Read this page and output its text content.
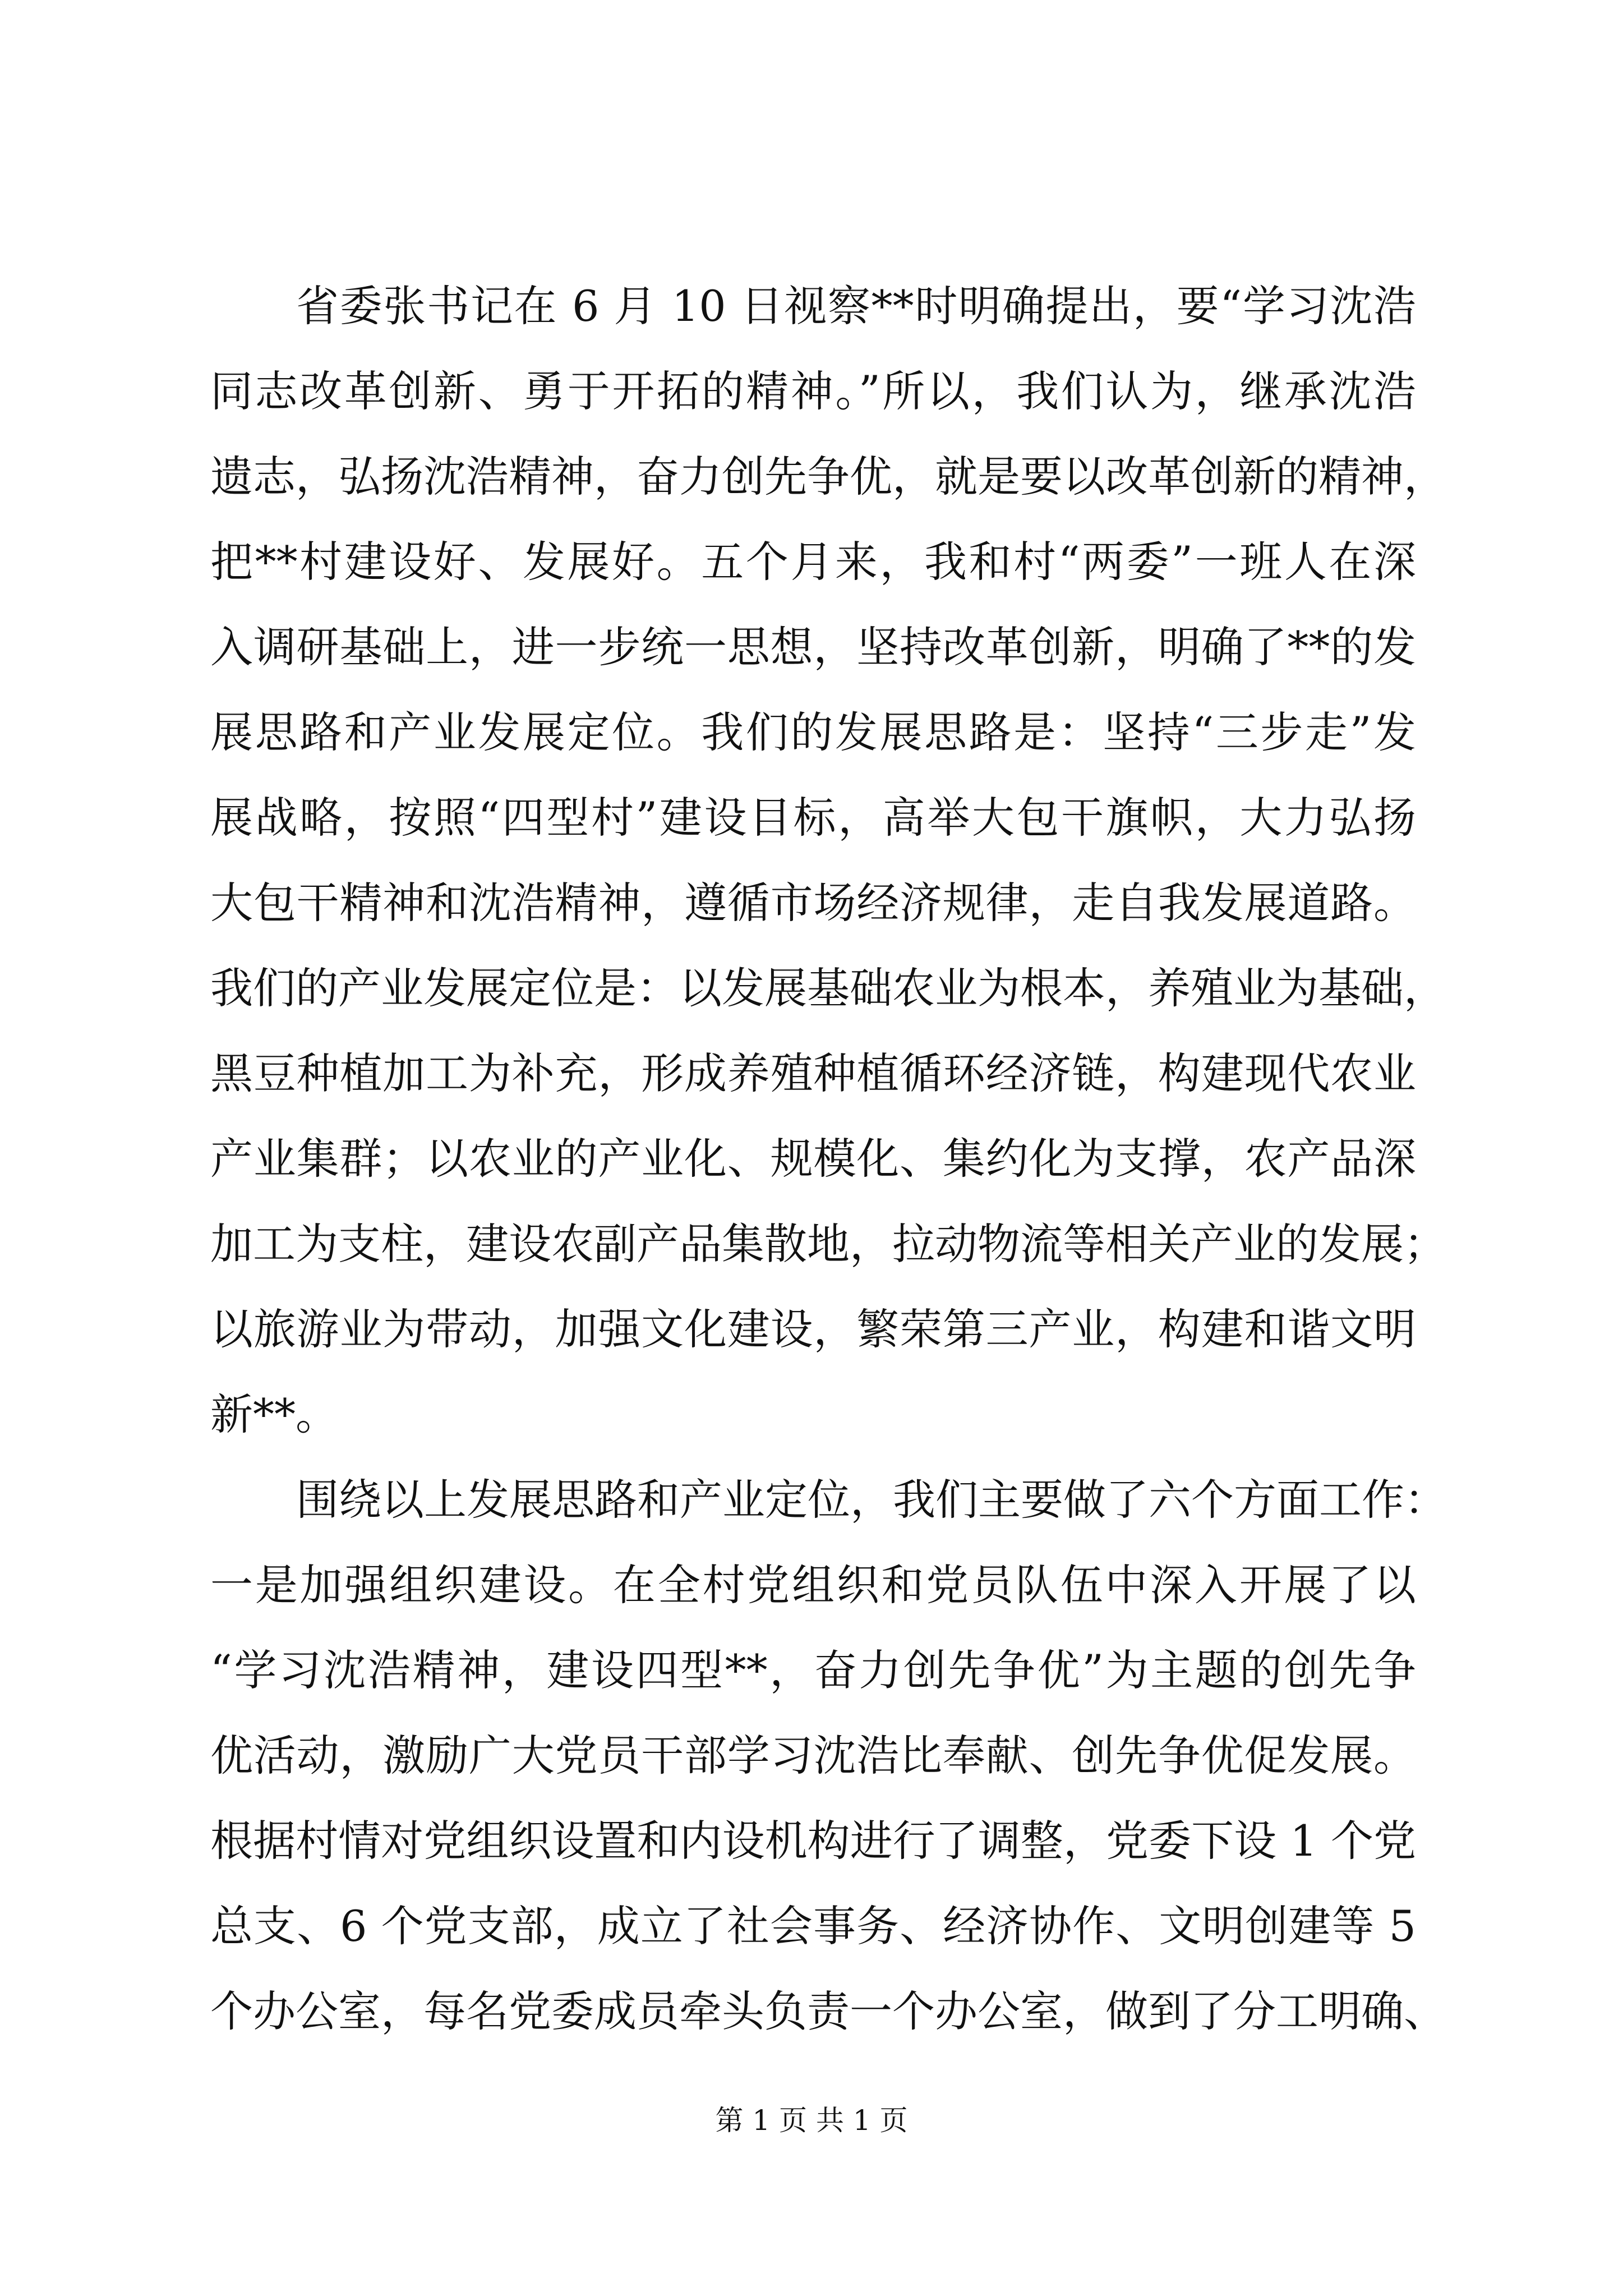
省委张书记在 6 月 10 日视察**时明确提出，要“学习沈浩
同志改革创新、勇于开拓的精神。”所以，我们认为，继承沈浩
遗志，弘扬沈浩精神，奋力创先争优，就是要以改革创新的精神，
把**村建设好、发展好。五个月来，我和村“两委”一班人在深
入调研基础上，进一步统一思想，坚持改革创新，明确了**的发
展思路和产业发展定位。我们的发展思路是：坚持“三步走”发
展战略，按照“四型村”建设目标，高举大包干旗帜，大力弘扬
大包干精神和沈浩精神，遵循市场经济规律，走自我发展道路。
我们的产业发展定位是：以发展基础农业为根本，养殖业为基础，
黑豆种植加工为补充，形成养殖种植循环经济链，构建现代农业
产业集群；以农业的产业化、规模化、集约化为支撑，农产品深
加工为支柱，建设农副产品集散地，拉动物流等相关产业的发展；
以旅游业为带动，加强文化建设，繁荣第三产业，构建和谐文明
新**。
围绕以上发展思路和产业定位，我们主要做了六个方面工作：
一是加强组织建设。在全村党组织和党员队伍中深入开展了以
“学习沈浩精神，建设四型**，奋力创先争优”为主题的创先争
优活动，激励广大党员干部学习沈浩比奉献、创先争优促发展。
根据村情对党组织设置和内设机构进行了调整，党委下设 1 个党
总支、6 个党支部，成立了社会事务、经济协作、文明创建等 5
个办公室，每名党委成员牵头负责一个办公室，做到了分工明确、
第 1 页 共 1 页
